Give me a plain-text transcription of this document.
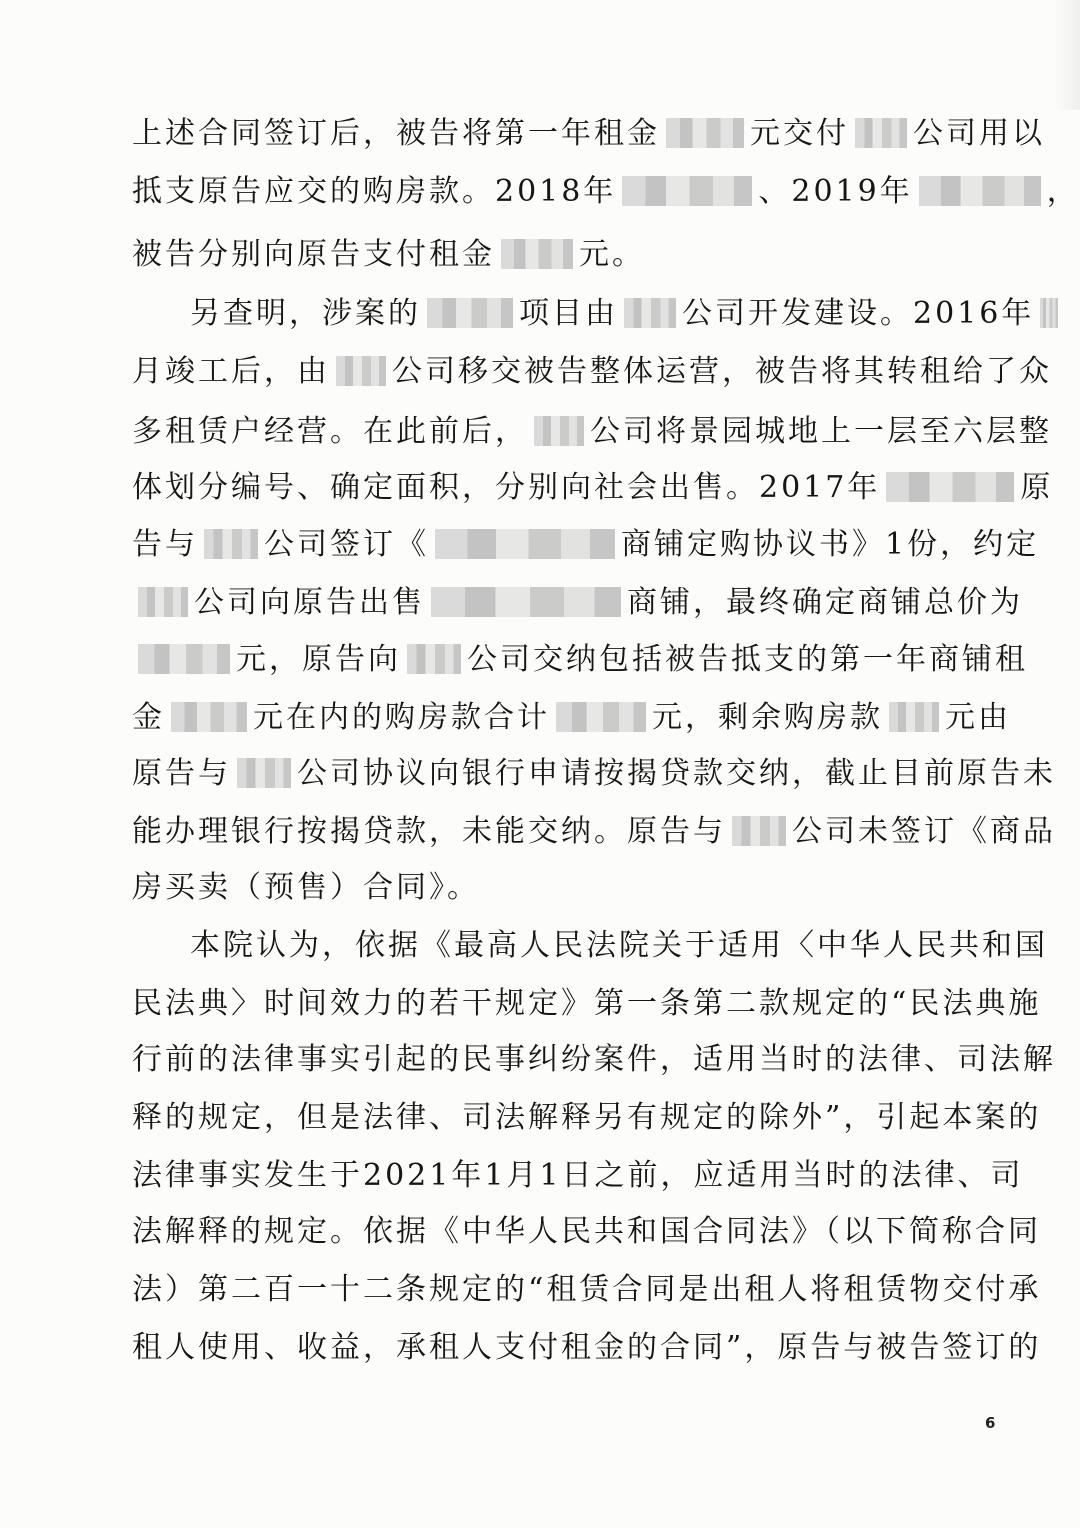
上述合同签订后，被告将第一年租金	元交付 公司用以
抵支原告应交的购房款。2018年	、2019年	，
被告分别向原告支付租金	元。
另查明，涉案的	项目由 公司开发建设。2016年
月竣工后，由 公司移交被告整体运营，被告将其转租给了众
多租赁户经营。在此前后， 公司将景园城地上一层至六层整
体划分编号、确定面积，分别向社会出售。2017年	原
告与 公司签订《	商铺定购协议书》1份，约定
公司向原告出售	商铺，最终确定商铺总价为
元，原告向 公司交纳包括被告抵支的第一年商铺租
金	元在内的购房款合计	元，剩余购房款 元由
原告与 公司协议向银行申请按揭贷款交纳，截止目前原告未
能办理银行按揭贷款，未能交纳。原告与 公司未签订《商品
房买卖（预售）合同》。
本院认为，依据《最高人民法院关于适用〈中华人民共和国
民法典〉时间效力的若干规定》第一条第二款规定的“民法典施
行前的法律事实引起的民事纠纷案件，适用当时的法律、司法解
释的规定，但是法律、司法解释另有规定的除外”，引起本案的
法律事实发生于2021年1月1日之前，应适用当时的法律、司
法解释的规定。依据《中华人民共和国合同法》（以下简称合同
法）第二百一十二条规定的“租赁合同是出租人将租赁物交付承
租人使用、收益，承租人支付租金的合同”，原告与被告签订的
6
